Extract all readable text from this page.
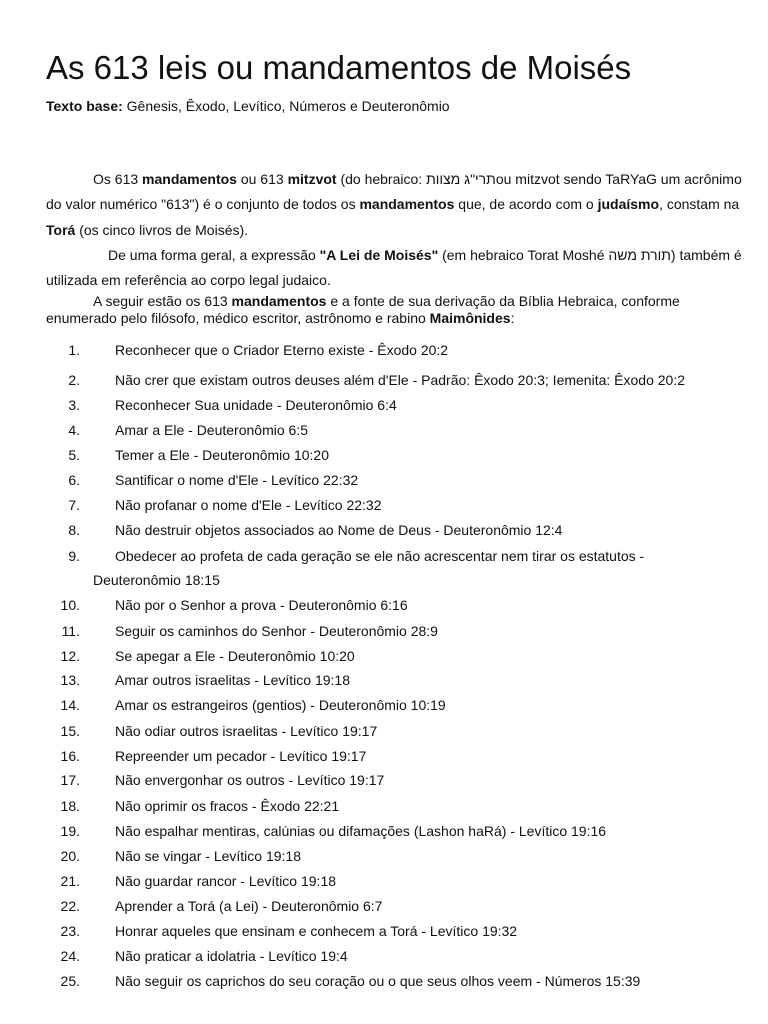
As 613 leis ou mandamentos de Moisés
Texto base: Gênesis, Êxodo, Levítico, Números e Deuteronômio

Os 613 mandamentos ou 613 mitzvot (do hebraico: תרי"ג מצוותou mitzvot sendo TaRYaG um acrônimo do valor numérico "613") é o conjunto de todos os mandamentos que, de acordo com o judaísmo, constam na Torá (os cinco livros de Moisés).

De uma forma geral, a expressão "A Lei de Moisés" (em hebraico Torat Moshé תורת משה) também é utilizada em referência ao corpo legal judaico.

A seguir estão os 613 mandamentos e a fonte de sua derivação da Bíblia Hebraica, conforme enumerado pelo filósofo, médico escritor, astrônomo e rabino Maimônides:

1.	Reconhecer que o Criador Eterno existe - Êxodo 20:2
2.	Não crer que existam outros deuses além d'Ele - Padrão: Êxodo 20:3; Iemenita: Êxodo 20:2
3.	Reconhecer Sua unidade - Deuteronômio 6:4
4.	Amar a Ele - Deuteronômio 6:5
5.	Temer a Ele - Deuteronômio 10:20
6.	Santificar o nome d'Ele - Levítico 22:32
7.	Não profanar o nome d'Ele - Levítico 22:32
8.	Não destruir objetos associados ao Nome de Deus - Deuteronômio 12:4
9.	Obedecer ao profeta de cada geração se ele não acrescentar nem tirar os estatutos -
Deuteronômio 18:15
10.	Não por o Senhor a prova - Deuteronômio 6:16
11.	Seguir os caminhos do Senhor - Deuteronômio 28:9
12.	Se apegar a Ele - Deuteronômio 10:20
13.	Amar outros israelitas - Levítico 19:18
14.	Amar os estrangeiros (gentios) - Deuteronômio 10:19
15.	Não odiar outros israelitas - Levítico 19:17
16.	Repreender um pecador - Levítico 19:17
17.	Não envergonhar os outros - Levítico 19:17
18.	Não oprimir os fracos - Êxodo 22:21
19.	Não espalhar mentiras, calúnias ou difamações (Lashon haRá) - Levítico 19:16
20.	Não se vingar - Levítico 19:18
21.	Não guardar rancor - Levítico 19:18
22.	Aprender a Torá (a Lei) - Deuteronômio 6:7
23.	Honrar aqueles que ensinam e conhecem a Torá - Levítico 19:32
24.	Não praticar a idolatria - Levítico 19:4
25.	Não seguir os caprichos do seu coração ou o que seus olhos veem - Números 15:39
